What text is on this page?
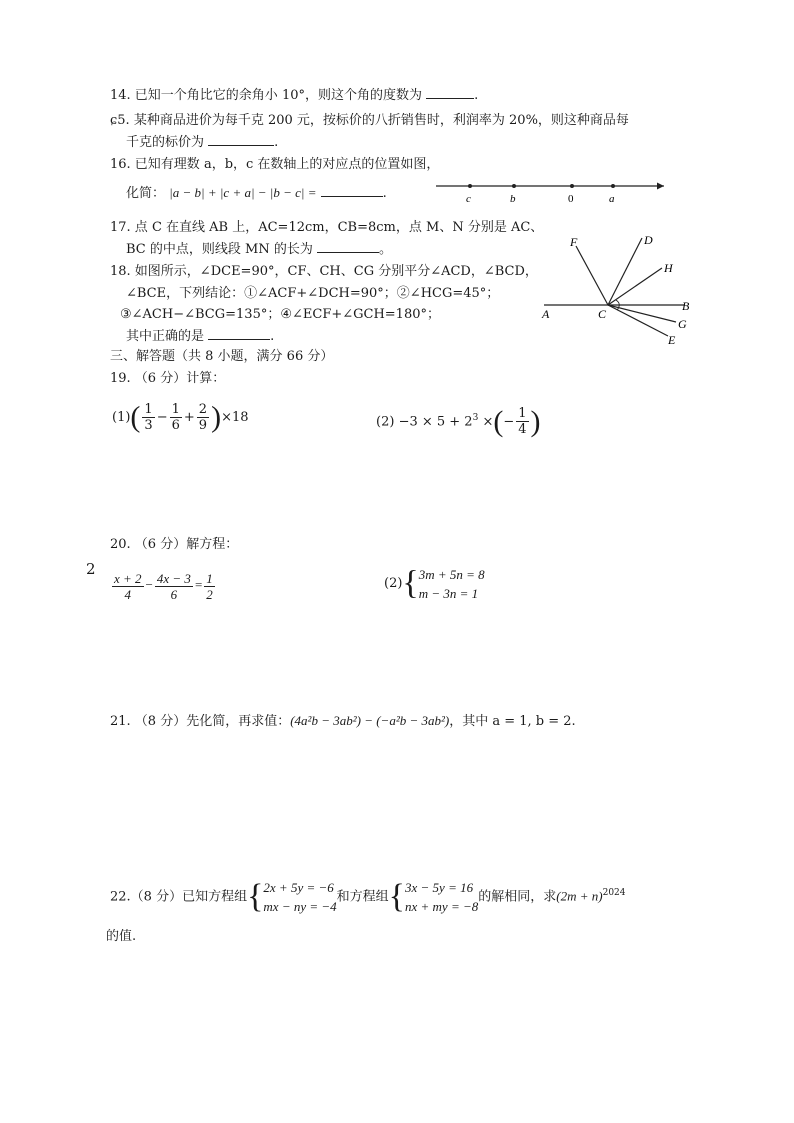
14. 已知一个角比它的余角小 10°，则这个角的度数为	.
ɕ5. 某种商品进价为每千克 200 元，按标价的八折销售时，利润率为 20%，则这种商品每
千克的标价为	.
16. 已知有理数 a，b，c 在数轴上的对应点的位置如图，
化简： |a − b| + |c + a| − |b − c| =	.	c	b	0	a
17. 点 C 在直线 AB 上，AC=12cm，CB=8cm，点 M、N 分别是 AC、
BC 的中点，则线段 MN 的长为	。
18. 如图所示，∠DCE=90°，CF、CH、CG 分别平分∠ACD，∠BCD，
∠BCE，下列结论：①∠ACF+∠DCH=90°；②∠HCG=45°；
③∠ACH−∠BCG=135°；④∠ECF+∠GCH=180°；
其中正确的是	.
F	D
H
B
G
E
A	C
三、解答题（共 8 小题，满分 66 分）
19. （6 分）计算：
$(1)( \frac{1}{3} - \frac{1}{6} + \frac{2}{9} )\times 18$	$(2) -3 \times 5 + 2^3$ ×(− $\frac{1}{4}$ )
20. （6 分）解方程：
2
$\frac{x + 2}{4} - \frac{4x - 3}{6} = \frac{1}{2}$	(2){ 3m + 5n = 8
m − 3n = 1
21. （8 分）先化简，再求值：(4a²b − 3ab²) − (−a²b − 3ab²)，其中 a = 1, b = 2.
22.（8 分）已知方程组{ 2x + 5y = −6
mx − ny = −4
和方程组{ 3x − 5y = 16
nx + my = −8
的解相同，求$(2m + n)^{2024}$
的值.
